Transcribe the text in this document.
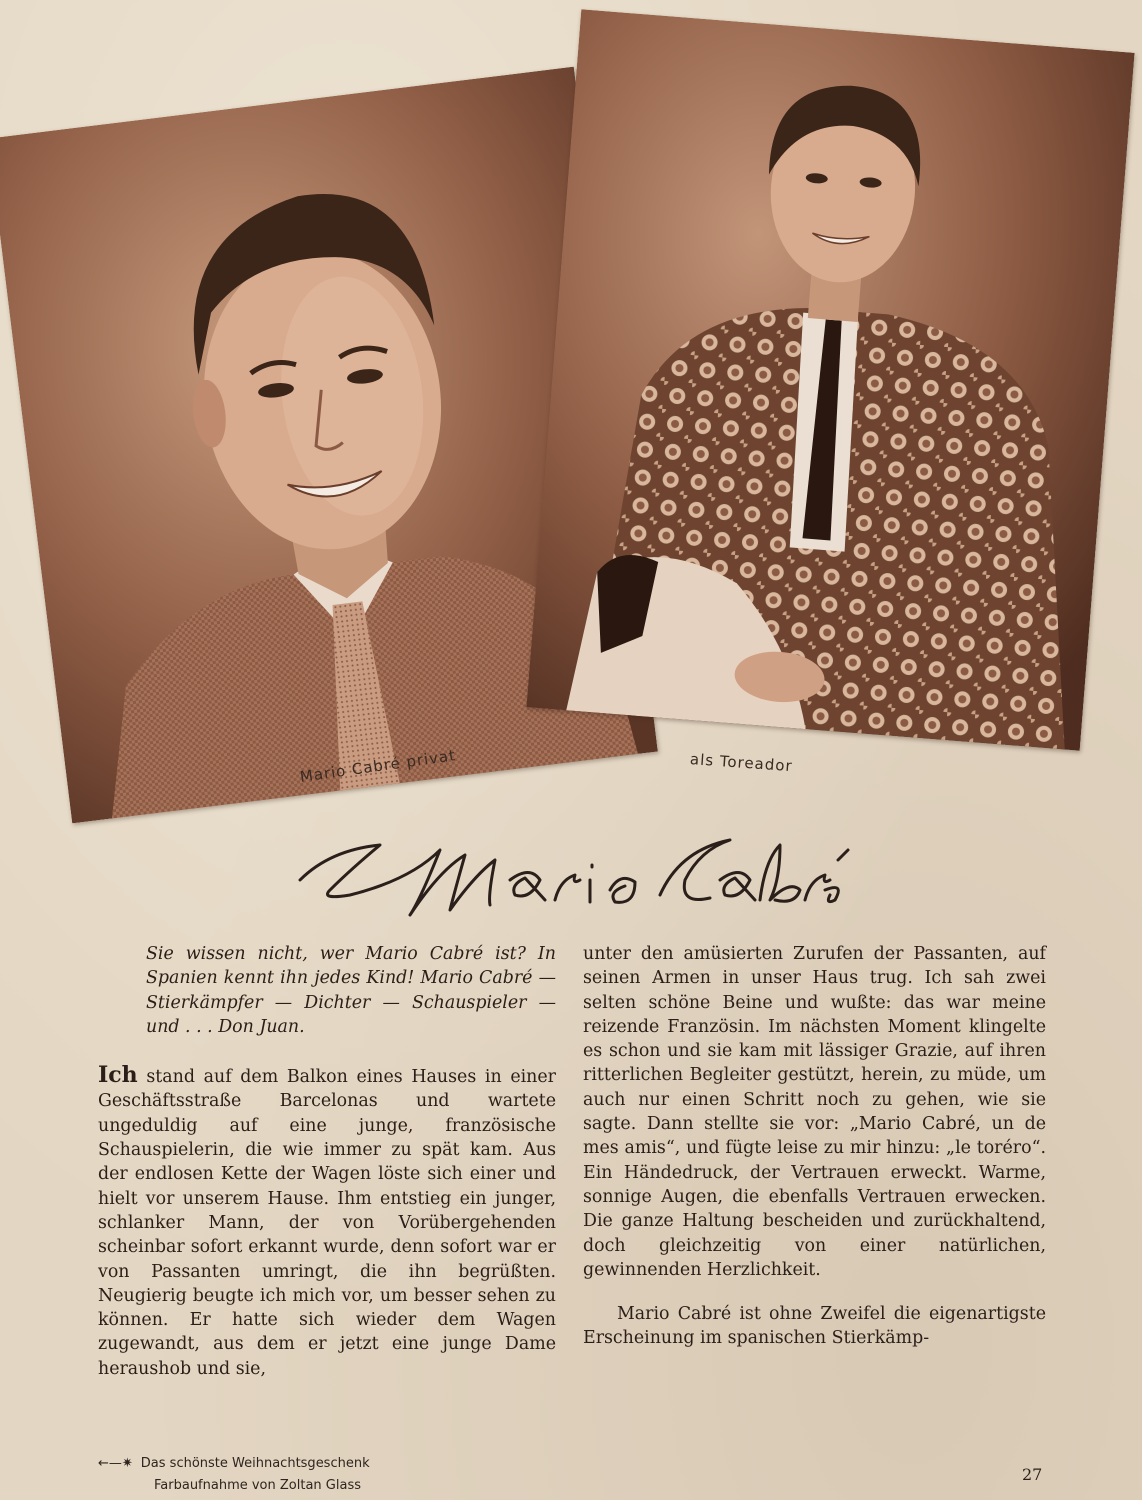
Mario Cabré privat	als Toreador

Sie wissen nicht, wer Mario Cabré ist? In Spanien kennt ihn jedes Kind! Mario Cabré — Stierkämpfer — Dichter — Schauspieler — und . . . Don Juan.

Ich stand auf dem Balkon eines Hauses in einer Geschäftsstraße Barcelonas und wartete ungeduldig auf eine junge, französische Schauspielerin, die wie immer zu spät kam. Aus der endlosen Kette der Wagen löste sich einer und hielt vor unserem Hause. Ihm entstieg ein junger, schlanker Mann, der von Vorübergehenden scheinbar sofort erkannt wurde, denn sofort war er von Passanten umringt, die ihn begrüßten. Neugierig beugte ich mich vor, um besser sehen zu können. Er hatte sich wieder dem Wagen zugewandt, aus dem er jetzt eine junge Dame heraushob und sie,

unter den amüsierten Zurufen der Passanten, auf seinen Armen in unser Haus trug. Ich sah zwei selten schöne Beine und wußte: das war meine reizende Französin. Im nächsten Moment klingelte es schon und sie kam mit lässiger Grazie, auf ihren ritterlichen Begleiter gestützt, herein, zu müde, um auch nur einen Schritt noch zu gehen, wie sie sagte. Dann stellte sie vor: „Mario Cabré, un de mes amis“, und fügte leise zu mir hinzu: „le toréro“. Ein Händedruck, der Vertrauen erweckt. Warme, sonnige Augen, die ebenfalls Vertrauen erwecken. Die ganze Haltung bescheiden und zurückhaltend, doch gleichzeitig von einer natürlichen, gewinnenden Herzlichkeit.

Mario Cabré ist ohne Zweifel die eigenartigste Erscheinung im spanischen Stierkämp-

←—✷ Das schönste Weihnachtsgeschenk
Farbaufnahme von Zoltan Glass
27
